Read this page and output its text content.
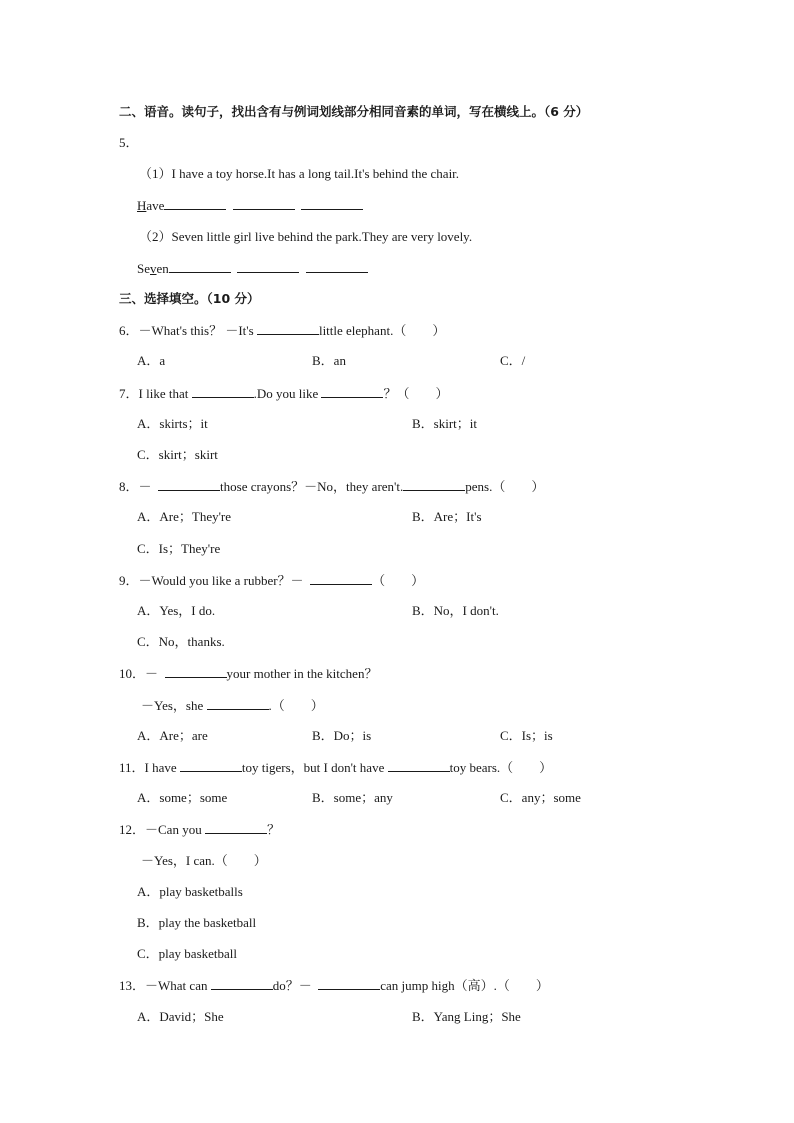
二、语音。读句子，找出含有与例词划线部分相同音素的单词，写在横线上。（6 分）
5．
（1）I have a toy horse.It has a long tail.It's behind the chair.
Have
（2）Seven little girl live behind the park.They are very lovely.
Seven
三、选择填空。（10 分）
6．－What's this？ －It's	little elephant.（　　）
A．a	B．an	C．/
7．I like that	.Do you like	？（　　）
A．skirts；it	B．skirt；it
C．skirt；skirt
8．－	those crayons？－No，they aren't.	pens.（　　）
A．Are；They're	B．Are；It's
C．Is；They're
9．－Would you like a rubber？－	（　　）
A．Yes，I do.	B．No，I don't.
C．No，thanks.
10．－	your mother in the kitchen？
－Yes，she	.（　　）
A．Are；are	B．Do；is	C．Is；is
11．I have	toy tigers，but I don't have	toy bears.（　　）
A．some；some	B．some；any	C．any；some
12．－Can you	？
－Yes，I can.（　　）
A．play basketballs
B．play the basketball
C．play basketball
13．－What can	do？－	can jump high（高）.（　　）
A．David；She	B．Yang Ling；She
